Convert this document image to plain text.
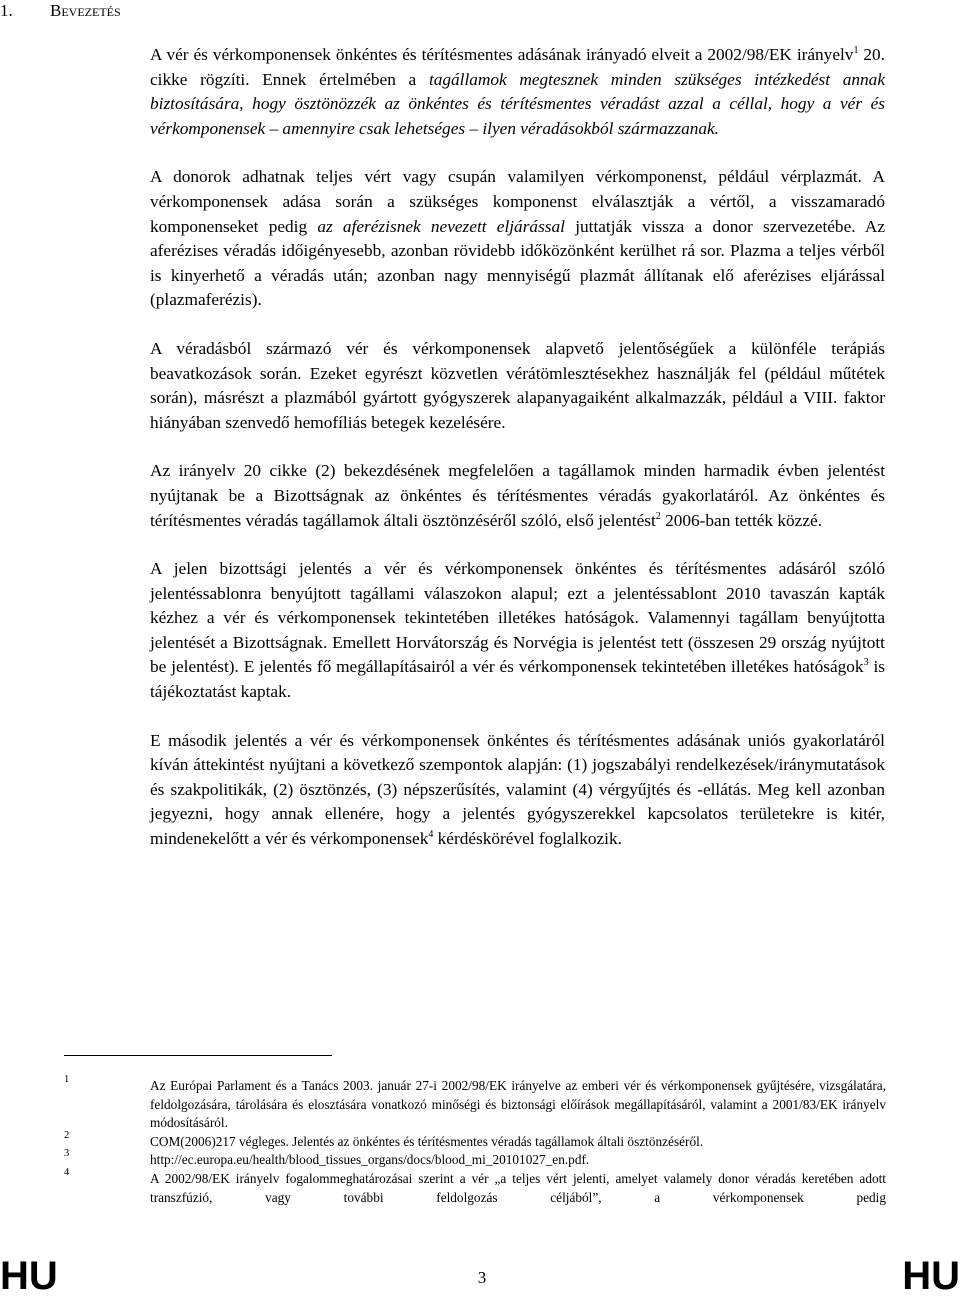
1. Bevezetés

A vér és vérkomponensek önkéntes és térítésmentes adásának irányadó elveit a 2002/98/EK irányelv$^1$ 20. cikke rögzíti. Ennek értelmében a tagállamok megtesznek minden szükséges intézkedést annak biztosítására, hogy ösztönözzék az önkéntes és térítésmentes véradást azzal a céllal, hogy a vér és vérkomponensek – amennyire csak lehetséges – ilyen véradásokból származzanak.

A donorok adhatnak teljes vért vagy csupán valamilyen vérkomponenst, például vérplazmát. A vérkomponensek adása során a szükséges komponenst elválasztják a vértől, a visszamaradó komponenseket pedig az aferézisnek nevezett eljárással juttatják vissza a donor szervezetébe. Az aferézises véradás időigényesebb, azonban rövidebb időközönként kerülhet rá sor. Plazma a teljes vérből is kinyerhető a véradás után; azonban nagy mennyiségű plazmát állítanak elő aferézises eljárással (plazmaferézis).

A véradásból származó vér és vérkomponensek alapvető jelentőségűek a különféle terápiás beavatkozások során. Ezeket egyrészt közvetlen vérátömlesztésekhez használják fel (például műtétek során), másrészt a plazmából gyártott gyógyszerek alapanyagaiként alkalmazzák, például a VIII. faktor hiányában szenvedő hemofíliás betegek kezelésére.

Az irányelv 20 cikke (2) bekezdésének megfelelően a tagállamok minden harmadik évben jelentést nyújtanak be a Bizottságnak az önkéntes és térítésmentes véradás gyakorlatáról. Az önkéntes és térítésmentes véradás tagállamok általi ösztönzéséről szóló, első jelentést$^2$ 2006-ban tették közzé.

A jelen bizottsági jelentés a vér és vérkomponensek önkéntes és térítésmentes adásáról szóló jelentéssablonra benyújtott tagállami válaszokon alapul; ezt a jelentéssablont 2010 tavaszán kapták kézhez a vér és vérkomponensek tekintetében illetékes hatóságok. Valamennyi tagállam benyújtotta jelentését a Bizottságnak. Emellett Horvátország és Norvégia is jelentést tett (összesen 29 ország nyújtott be jelentést). E jelentés fő megállapításairól a vér és vérkomponensek tekintetében illetékes hatóságok$^3$ is tájékoztatást kaptak.

E második jelentés a vér és vérkomponensek önkéntes és térítésmentes adásának uniós gyakorlatáról kíván áttekintést nyújtani a következő szempontok alapján: (1) jogszabályi rendelkezések/iránymutatások és szakpolitikák, (2) ösztönzés, (3) népszerűsítés, valamint (4) vérgyűjtés és -ellátás. Meg kell azonban jegyezni, hogy annak ellenére, hogy a jelentés gyógyszerekkel kapcsolatos területekre is kitér, mindenekelőtt a vér és vérkomponensek$^4$ kérdéskörével foglalkozik.

1	Az Európai Parlament és a Tanács 2003. január 27-i 2002/98/EK irányelve az emberi vér és vérkomponensek gyűjtésére, vizsgálatára, feldolgozására, tárolására és elosztására vonatkozó minőségi és biztonsági előírások megállapításáról, valamint a 2001/83/EK irányelv módosításáról.
2	COM(2006)217 végleges. Jelentés az önkéntes és térítésmentes véradás tagállamok általi ösztönzéséről.
3	http://ec.europa.eu/health/blood_tissues_organs/docs/blood_mi_20101027_en.pdf.
4	A 2002/98/EK irányelv fogalommeghatározásai szerint a vér „a teljes vért jelenti, amelyet valamely donor véradás keretében adott transzfúzió, vagy további feldolgozás céljából”, a vérkomponensek pedig
HU	3	HU
